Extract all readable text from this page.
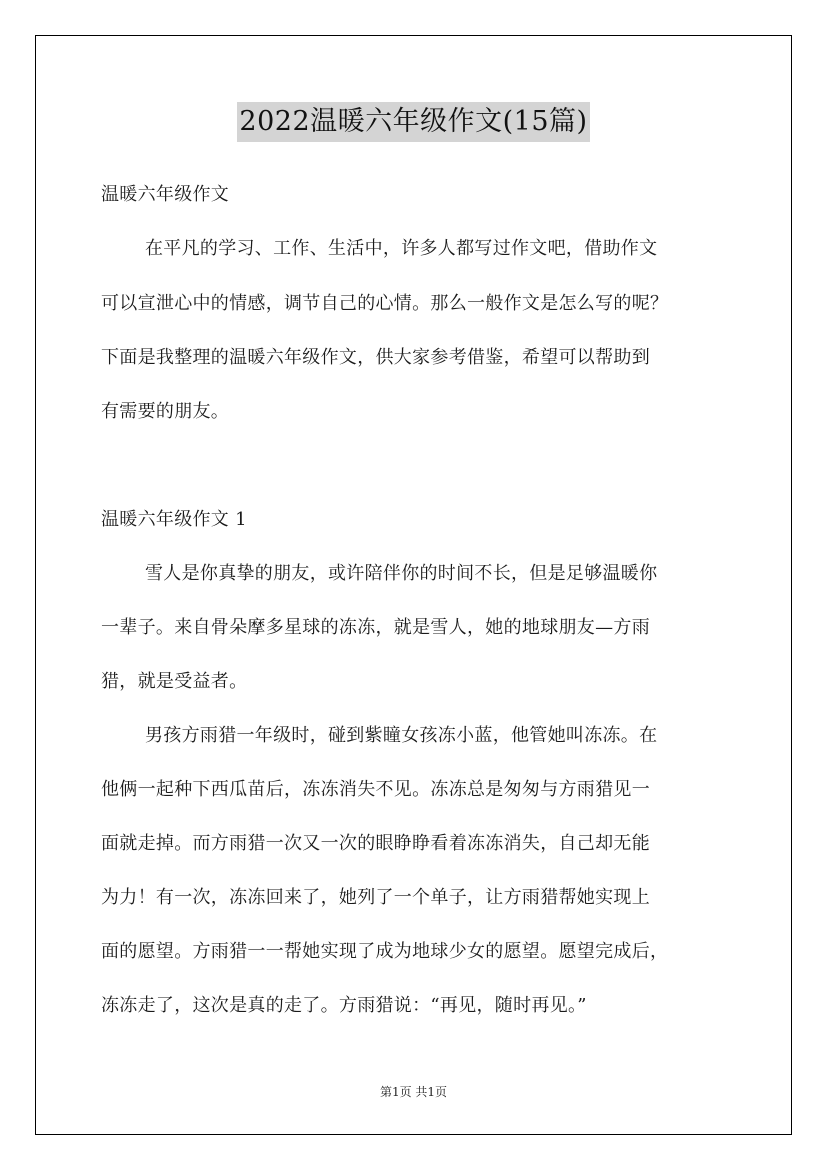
2022温暖六年级作文(15篇)
温暖六年级作文
在平凡的学习、工作、生活中，许多人都写过作文吧，借助作文
可以宣泄心中的情感，调节自己的心情。那么一般作文是怎么写的呢？
下面是我整理的温暖六年级作文，供大家参考借鉴，希望可以帮助到
有需要的朋友。
温暖六年级作文 1
雪人是你真挚的朋友，或许陪伴你的时间不长，但是足够温暖你
一辈子。来自骨朵摩多星球的冻冻，就是雪人，她的地球朋友—方雨
猎，就是受益者。
男孩方雨猎一年级时，碰到紫瞳女孩冻小蓝，他管她叫冻冻。在
他俩一起种下西瓜苗后，冻冻消失不见。冻冻总是匆匆与方雨猎见一
面就走掉。而方雨猎一次又一次的眼睁睁看着冻冻消失，自己却无能
为力！有一次，冻冻回来了，她列了一个单子，让方雨猎帮她实现上
面的愿望。方雨猎一一帮她实现了成为地球少女的愿望。愿望完成后，
冻冻走了，这次是真的走了。方雨猎说：“再见，随时再见。”
第1页 共1页
